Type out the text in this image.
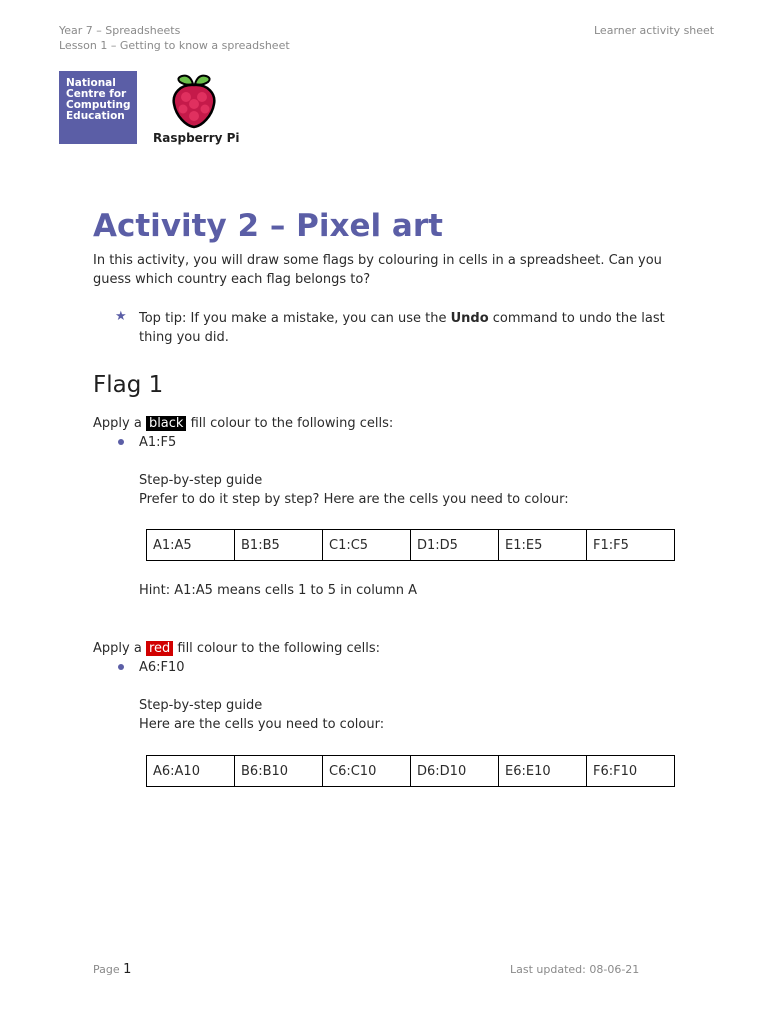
Year 7 – Spreadsheets
Lesson 1 – Getting to know a spreadsheet
Learner activity sheet
National
Centre for
Computing
Education
Raspberry Pi
Activity 2 – Pixel art
In this activity, you will draw some flags by colouring in cells in a spreadsheet. Can you guess which country each flag belongs to?
★ Top tip: If you make a mistake, you can use the Undo command to undo the last thing you did.
Flag 1
Apply a black fill colour to the following cells:
A1:F5
Step-by-step guide
Prefer to do it step by step? Here are the cells you need to colour:
A1:A5	B1:B5	C1:C5	D1:D5	E1:E5	F1:F5
Hint: A1:A5 means cells 1 to 5 in column A
Apply a red fill colour to the following cells:
A6:F10
Step-by-step guide
Here are the cells you need to colour:
A6:A10	B6:B10	C6:C10	D6:D10	E6:E10	F6:F10
Page 1	Last updated: 08-06-21
